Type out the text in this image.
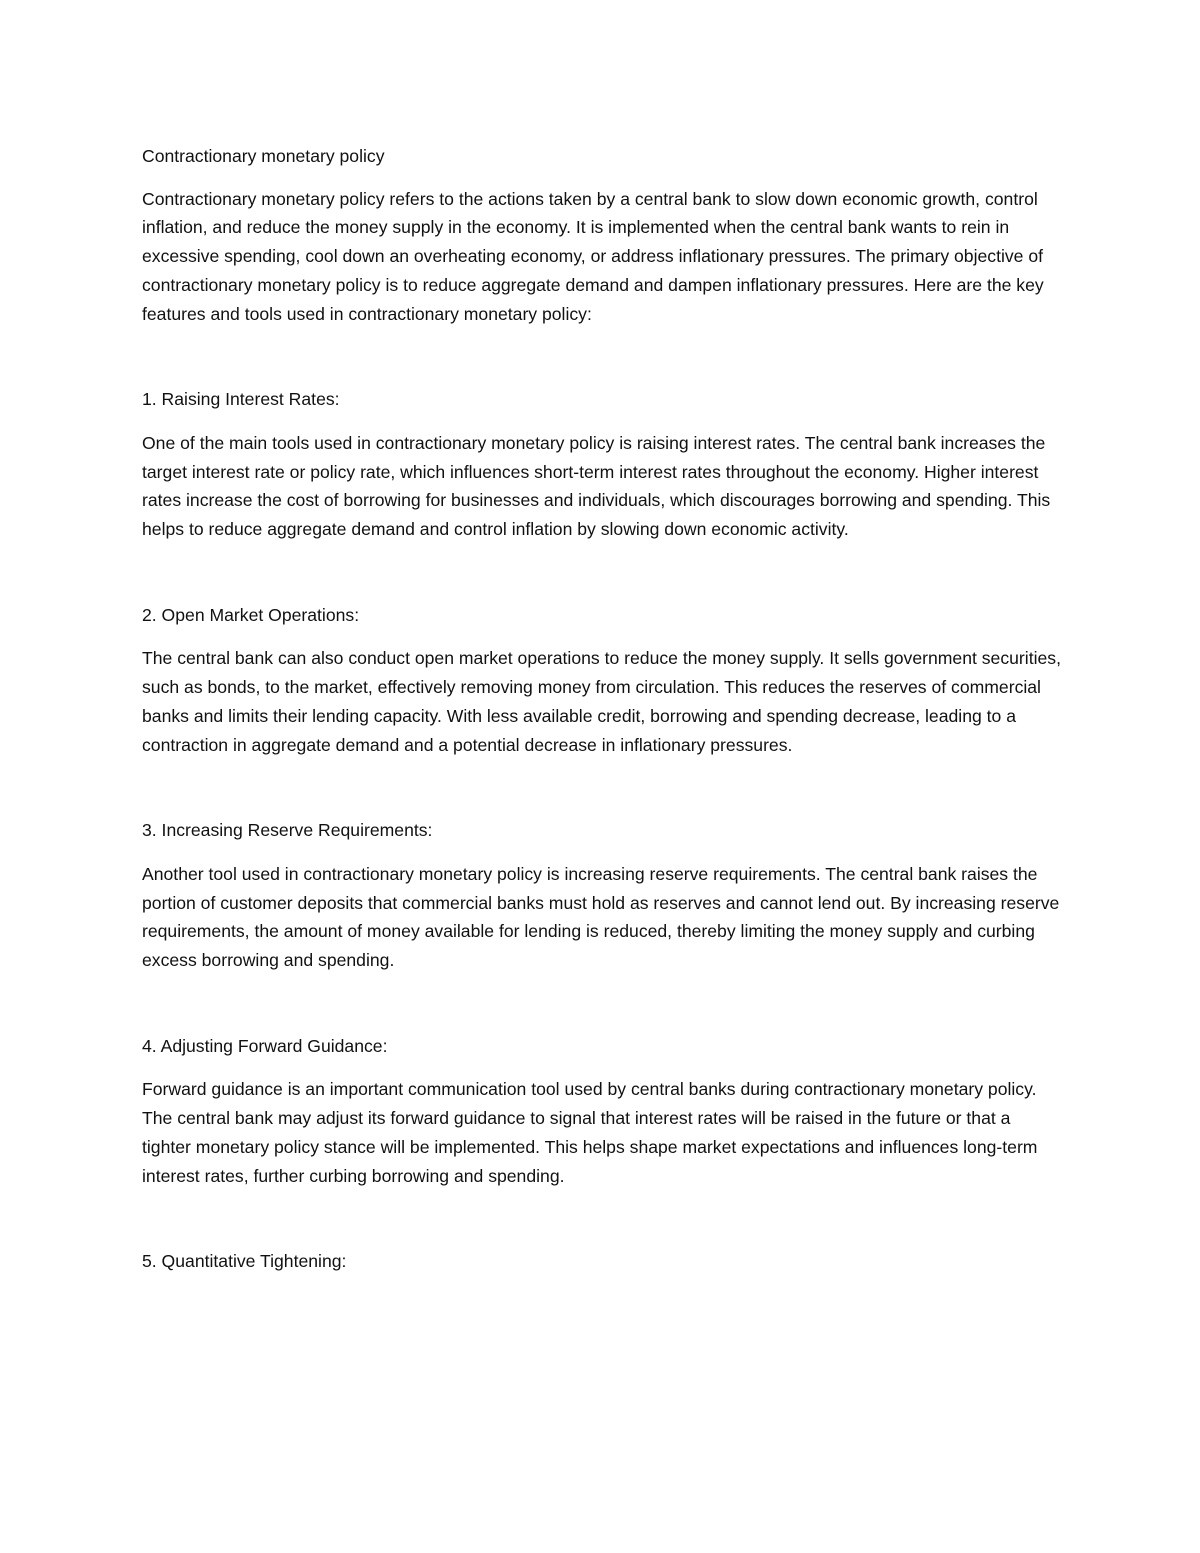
Contractionary monetary policy

Contractionary monetary policy refers to the actions taken by a central bank to slow down economic growth, control inflation, and reduce the money supply in the economy. It is implemented when the central bank wants to rein in excessive spending, cool down an overheating economy, or address inflationary pressures. The primary objective of contractionary monetary policy is to reduce aggregate demand and dampen inflationary pressures. Here are the key features and tools used in contractionary monetary policy:

1. Raising Interest Rates:

One of the main tools used in contractionary monetary policy is raising interest rates. The central bank increases the target interest rate or policy rate, which influences short-term interest rates throughout the economy. Higher interest rates increase the cost of borrowing for businesses and individuals, which discourages borrowing and spending. This helps to reduce aggregate demand and control inflation by slowing down economic activity.

2. Open Market Operations:

The central bank can also conduct open market operations to reduce the money supply. It sells government securities, such as bonds, to the market, effectively removing money from circulation. This reduces the reserves of commercial banks and limits their lending capacity. With less available credit, borrowing and spending decrease, leading to a contraction in aggregate demand and a potential decrease in inflationary pressures.

3. Increasing Reserve Requirements:

Another tool used in contractionary monetary policy is increasing reserve requirements. The central bank raises the portion of customer deposits that commercial banks must hold as reserves and cannot lend out. By increasing reserve requirements, the amount of money available for lending is reduced, thereby limiting the money supply and curbing excess borrowing and spending.

4. Adjusting Forward Guidance:

Forward guidance is an important communication tool used by central banks during contractionary monetary policy. The central bank may adjust its forward guidance to signal that interest rates will be raised in the future or that a tighter monetary policy stance will be implemented. This helps shape market expectations and influences long-term interest rates, further curbing borrowing and spending.

5. Quantitative Tightening:
